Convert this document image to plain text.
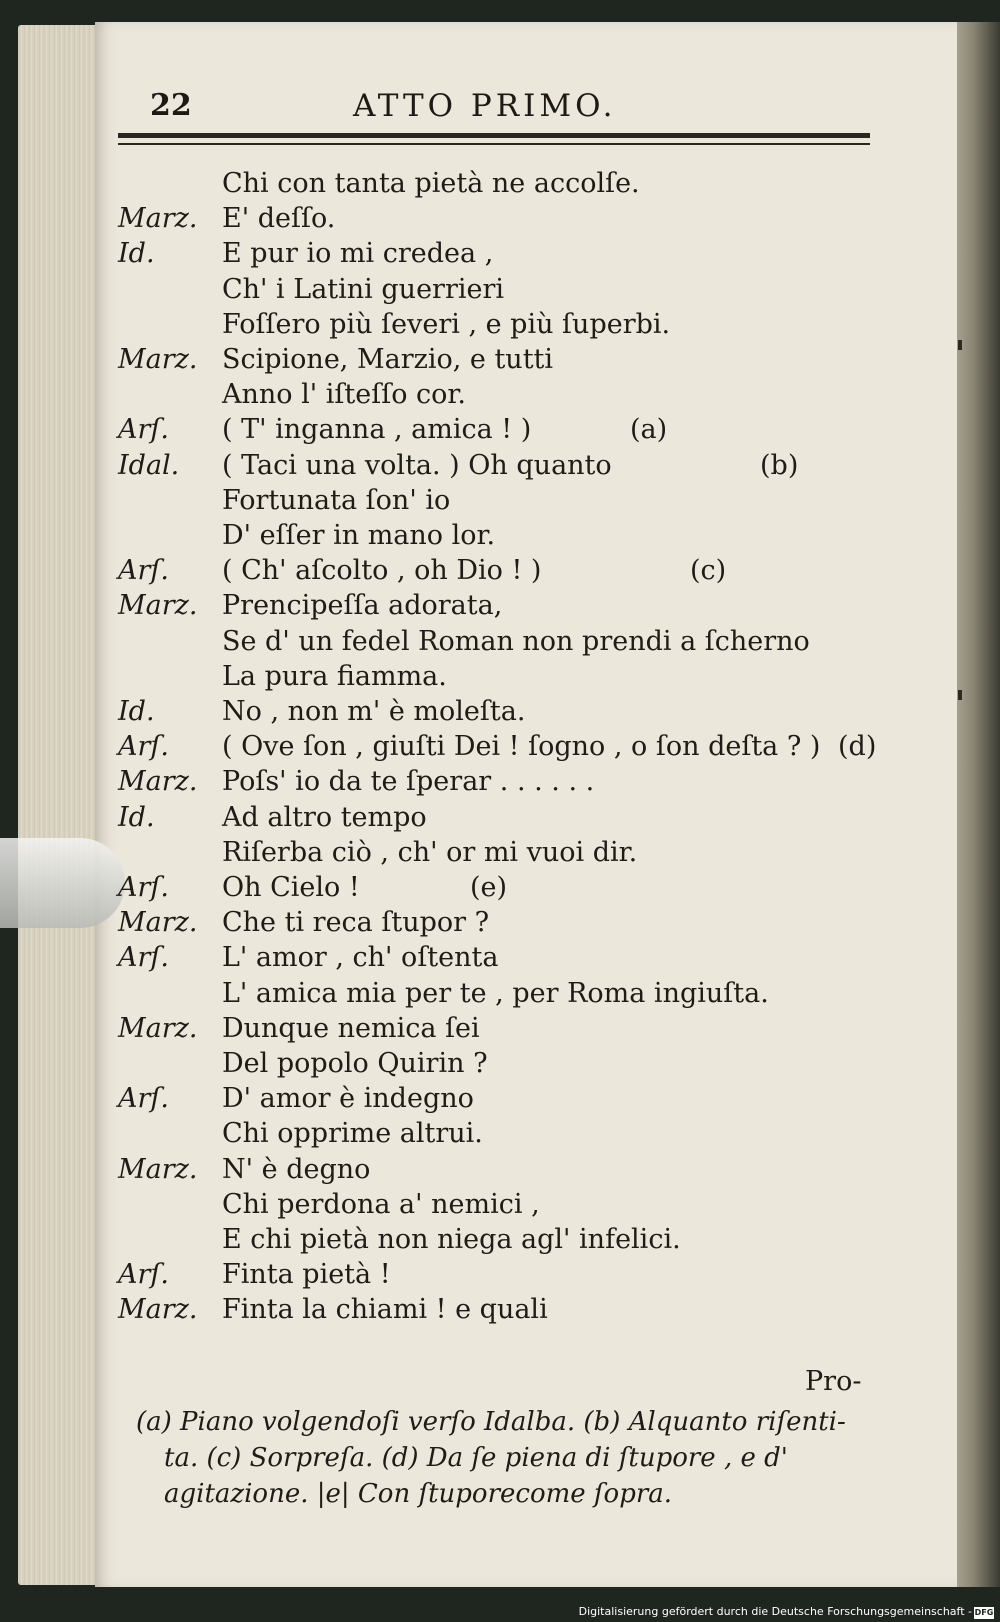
22	ATTO PRIMO.
Chi con tanta pietà ne accolſe.
Marz. E' deſſo.
Id. E pur io mi credea ,
Ch' i Latini guerrieri
Foſſero più ſeveri , e più ſuperbi.
Marz. Scipione, Marzio, e tutti
Anno l' iſteſſo cor.
Arſ. ( T' inganna , amica ! )	(a)
Idal. ( Taci una volta. ) Oh quanto	(b)
Fortunata ſon' io
D' eſſer in mano lor.
Arſ. ( Ch' aſcolto , oh Dio ! )	(c)
Marz. Prencipeſſa adorata,
Se d' un fedel Roman non prendi a ſcherno
La pura fiamma.
Id. No , non m' è moleſta.
Arſ. ( Ove ſon , giuſti Dei ! ſogno , o ſon deſta ? ) (d)
Marz. Poſs' io da te ſperar . . . . . .
Id. Ad altro tempo
Riſerba ciò , ch' or mi vuoi dir.
Arſ. Oh Cielo !	(e)
Marz. Che ti reca ſtupor ?
Arſ. L' amor , ch' oſtenta
L' amica mia per te , per Roma ingiuſta.
Marz. Dunque nemica ſei
Del popolo Quirin ?
Arſ. D' amor è indegno
Chi opprime altrui.
Marz. N' è degno
Chi perdona a' nemici ,
E chi pietà non niega agl' infelici.
Arſ. Finta pietà !
Marz. Finta la chiami ! e quali
Pro-
(a) Piano volgendoſi verſo Idalba. (b) Alquanto riſenti-
ta. (c) Sorpreſa. (d) Da ſe piena di ſtupore , e d'
agitazione. |e| Con ſtuporecome ſopra.
Digitalisierung gefördert durch die Deutsche Forschungsgemeinschaft - DFG
